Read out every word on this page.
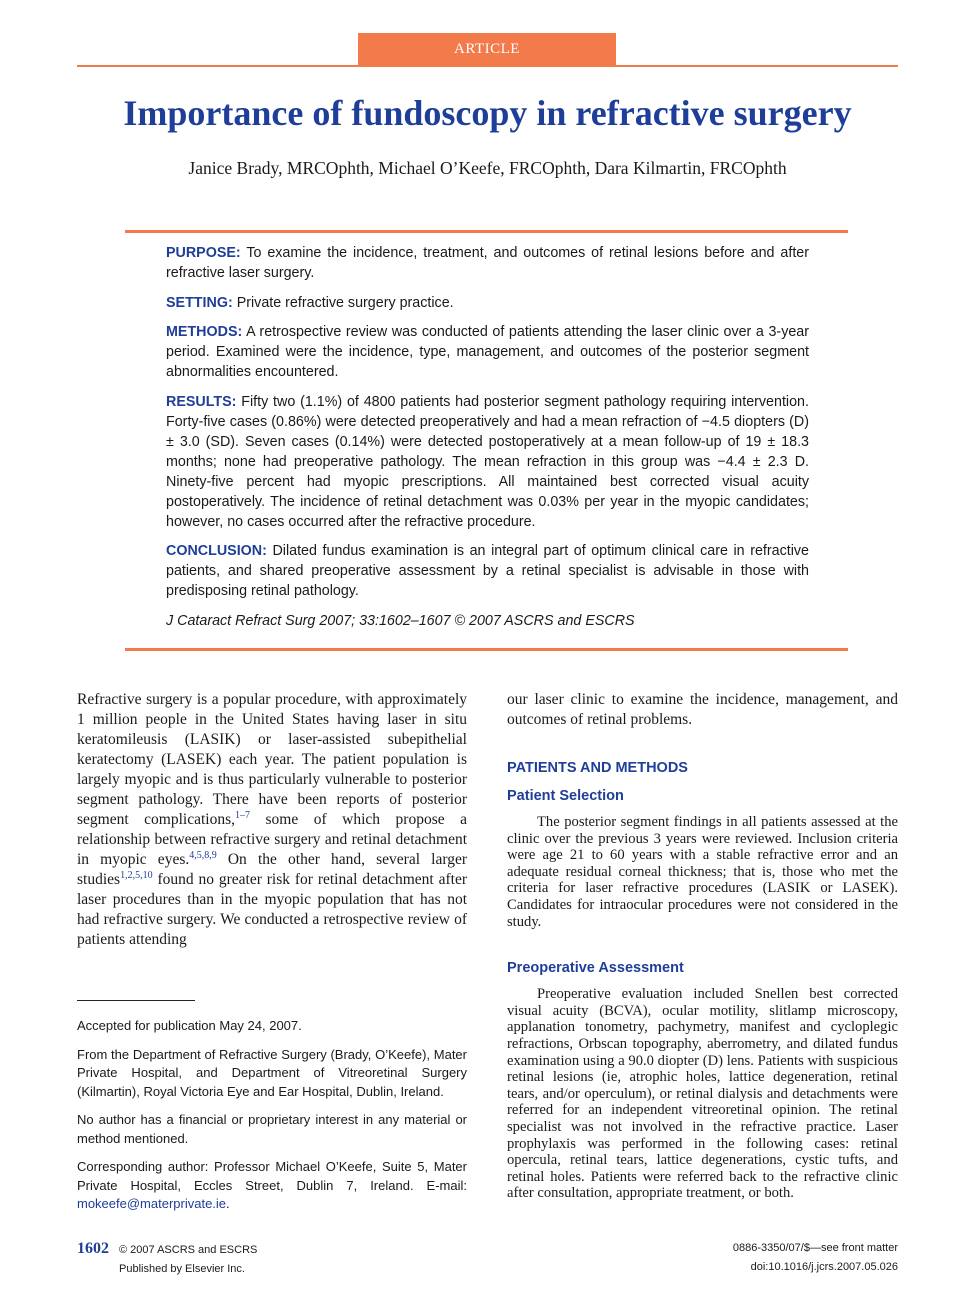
ARTICLE
Importance of fundoscopy in refractive surgery
Janice Brady, MRCOphth, Michael O’Keefe, FRCOphth, Dara Kilmartin, FRCOphth

PURPOSE: To examine the incidence, treatment, and outcomes of retinal lesions before and after refractive laser surgery.

SETTING: Private refractive surgery practice.

METHODS: A retrospective review was conducted of patients attending the laser clinic over a 3-year period. Examined were the incidence, type, management, and outcomes of the posterior segment abnormalities encountered.

RESULTS: Fifty two (1.1%) of 4800 patients had posterior segment pathology requiring intervention. Forty-five cases (0.86%) were detected preoperatively and had a mean refraction of −4.5 diopters (D) ± 3.0 (SD). Seven cases (0.14%) were detected postoperatively at a mean follow-up of 19 ± 18.3 months; none had preoperative pathology. The mean refraction in this group was −4.4 ± 2.3 D. Ninety-five percent had myopic prescriptions. All maintained best corrected visual acuity postoperatively. The incidence of retinal detachment was 0.03% per year in the myopic candidates; however, no cases occurred after the refractive procedure.

CONCLUSION: Dilated fundus examination is an integral part of optimum clinical care in refractive patients, and shared preoperative assessment by a retinal specialist is advisable in those with predisposing retinal pathology.

J Cataract Refract Surg 2007; 33:1602–1607 © 2007 ASCRS and ESCRS

Refractive surgery is a popular procedure, with approximately 1 million people in the United States having laser in situ keratomileusis (LASIK) or laser-assisted subepithelial keratectomy (LASEK) each year. The patient population is largely myopic and is thus particularly vulnerable to posterior segment pathology. There have been reports of posterior segment complications,$^{1-7}$ some of which propose a relationship between refractive surgery and retinal detachment in myopic eyes.$^{4,5,8,9}$ On the other hand, several larger studies$^{1,2,5,10}$ found no greater risk for retinal detachment after laser procedures than in the myopic population that has not had refractive surgery. We conducted a retrospective review of patients attending

our laser clinic to examine the incidence, management, and outcomes of retinal problems.

PATIENTS AND METHODS
Patient Selection

The posterior segment findings in all patients assessed at the clinic over the previous 3 years were reviewed. Inclusion criteria were age 21 to 60 years with a stable refractive error and an adequate residual corneal thickness; that is, those who met the criteria for laser refractive procedures (LASIK or LASEK). Candidates for intraocular procedures were not considered in the study.

Preoperative Assessment

Preoperative evaluation included Snellen best corrected visual acuity (BCVA), ocular motility, slitlamp microscopy, applanation tonometry, pachymetry, manifest and cycloplegic refractions, Orbscan topography, aberrometry, and dilated fundus examination using a 90.0 diopter (D) lens. Patients with suspicious retinal lesions (ie, atrophic holes, lattice degeneration, retinal tears, and/or operculum), or retinal dialysis and detachments were referred for an independent vitreoretinal opinion. The retinal specialist was not involved in the refractive practice. Laser prophylaxis was performed in the following cases: retinal opercula, retinal tears, lattice degenerations, cystic tufts, and retinal holes. Patients were referred back to the refractive clinic after consultation, appropriate treatment, or both.

Accepted for publication May 24, 2007.

From the Department of Refractive Surgery (Brady, O’Keefe), Mater Private Hospital, and Department of Vitreoretinal Surgery (Kilmartin), Royal Victoria Eye and Ear Hospital, Dublin, Ireland.

No author has a financial or proprietary interest in any material or method mentioned.

Corresponding author: Professor Michael O’Keefe, Suite 5, Mater Private Hospital, Eccles Street, Dublin 7, Ireland. E-mail: mokeefe@materprivate.ie.

1602 © 2007 ASCRS and ESCRS
Published by Elsevier Inc.
0886-3350/07/$—see front matter
doi:10.1016/j.jcrs.2007.05.026
